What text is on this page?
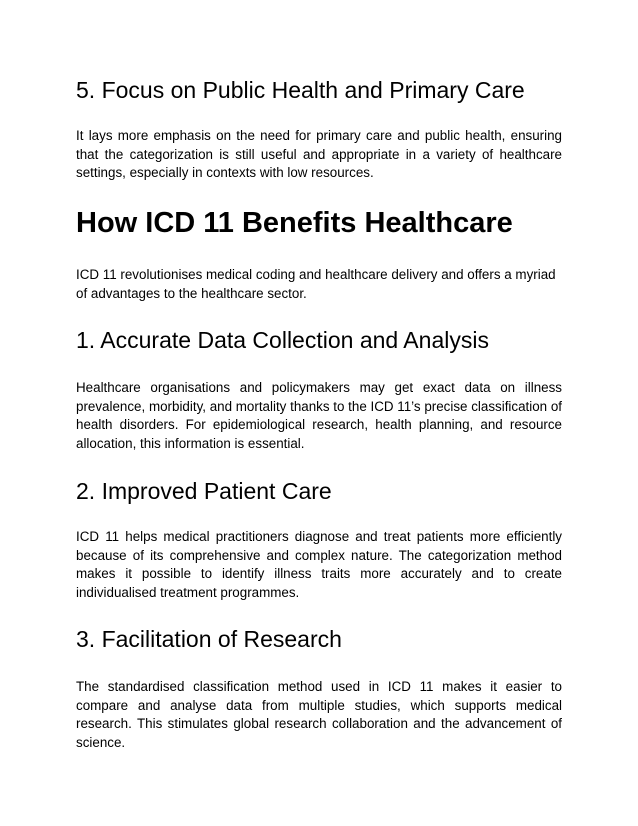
5. Focus on Public Health and Primary Care

It lays more emphasis on the need for primary care and public health, ensuring that the categorization is still useful and appropriate in a variety of healthcare settings, especially in contexts with low resources.

How ICD 11 Benefits Healthcare

ICD 11 revolutionises medical coding and healthcare delivery and offers a myriad of advantages to the healthcare sector.

1. Accurate Data Collection and Analysis

Healthcare organisations and policymakers may get exact data on illness prevalence, morbidity, and mortality thanks to the ICD 11’s precise classification of health disorders. For epidemiological research, health planning, and resource allocation, this information is essential.

2. Improved Patient Care

ICD 11 helps medical practitioners diagnose and treat patients more efficiently because of its comprehensive and complex nature. The categorization method makes it possible to identify illness traits more accurately and to create individualised treatment programmes.

3. Facilitation of Research

The standardised classification method used in ICD 11 makes it easier to compare and analyse data from multiple studies, which supports medical research. This stimulates global research collaboration and the advancement of science.
